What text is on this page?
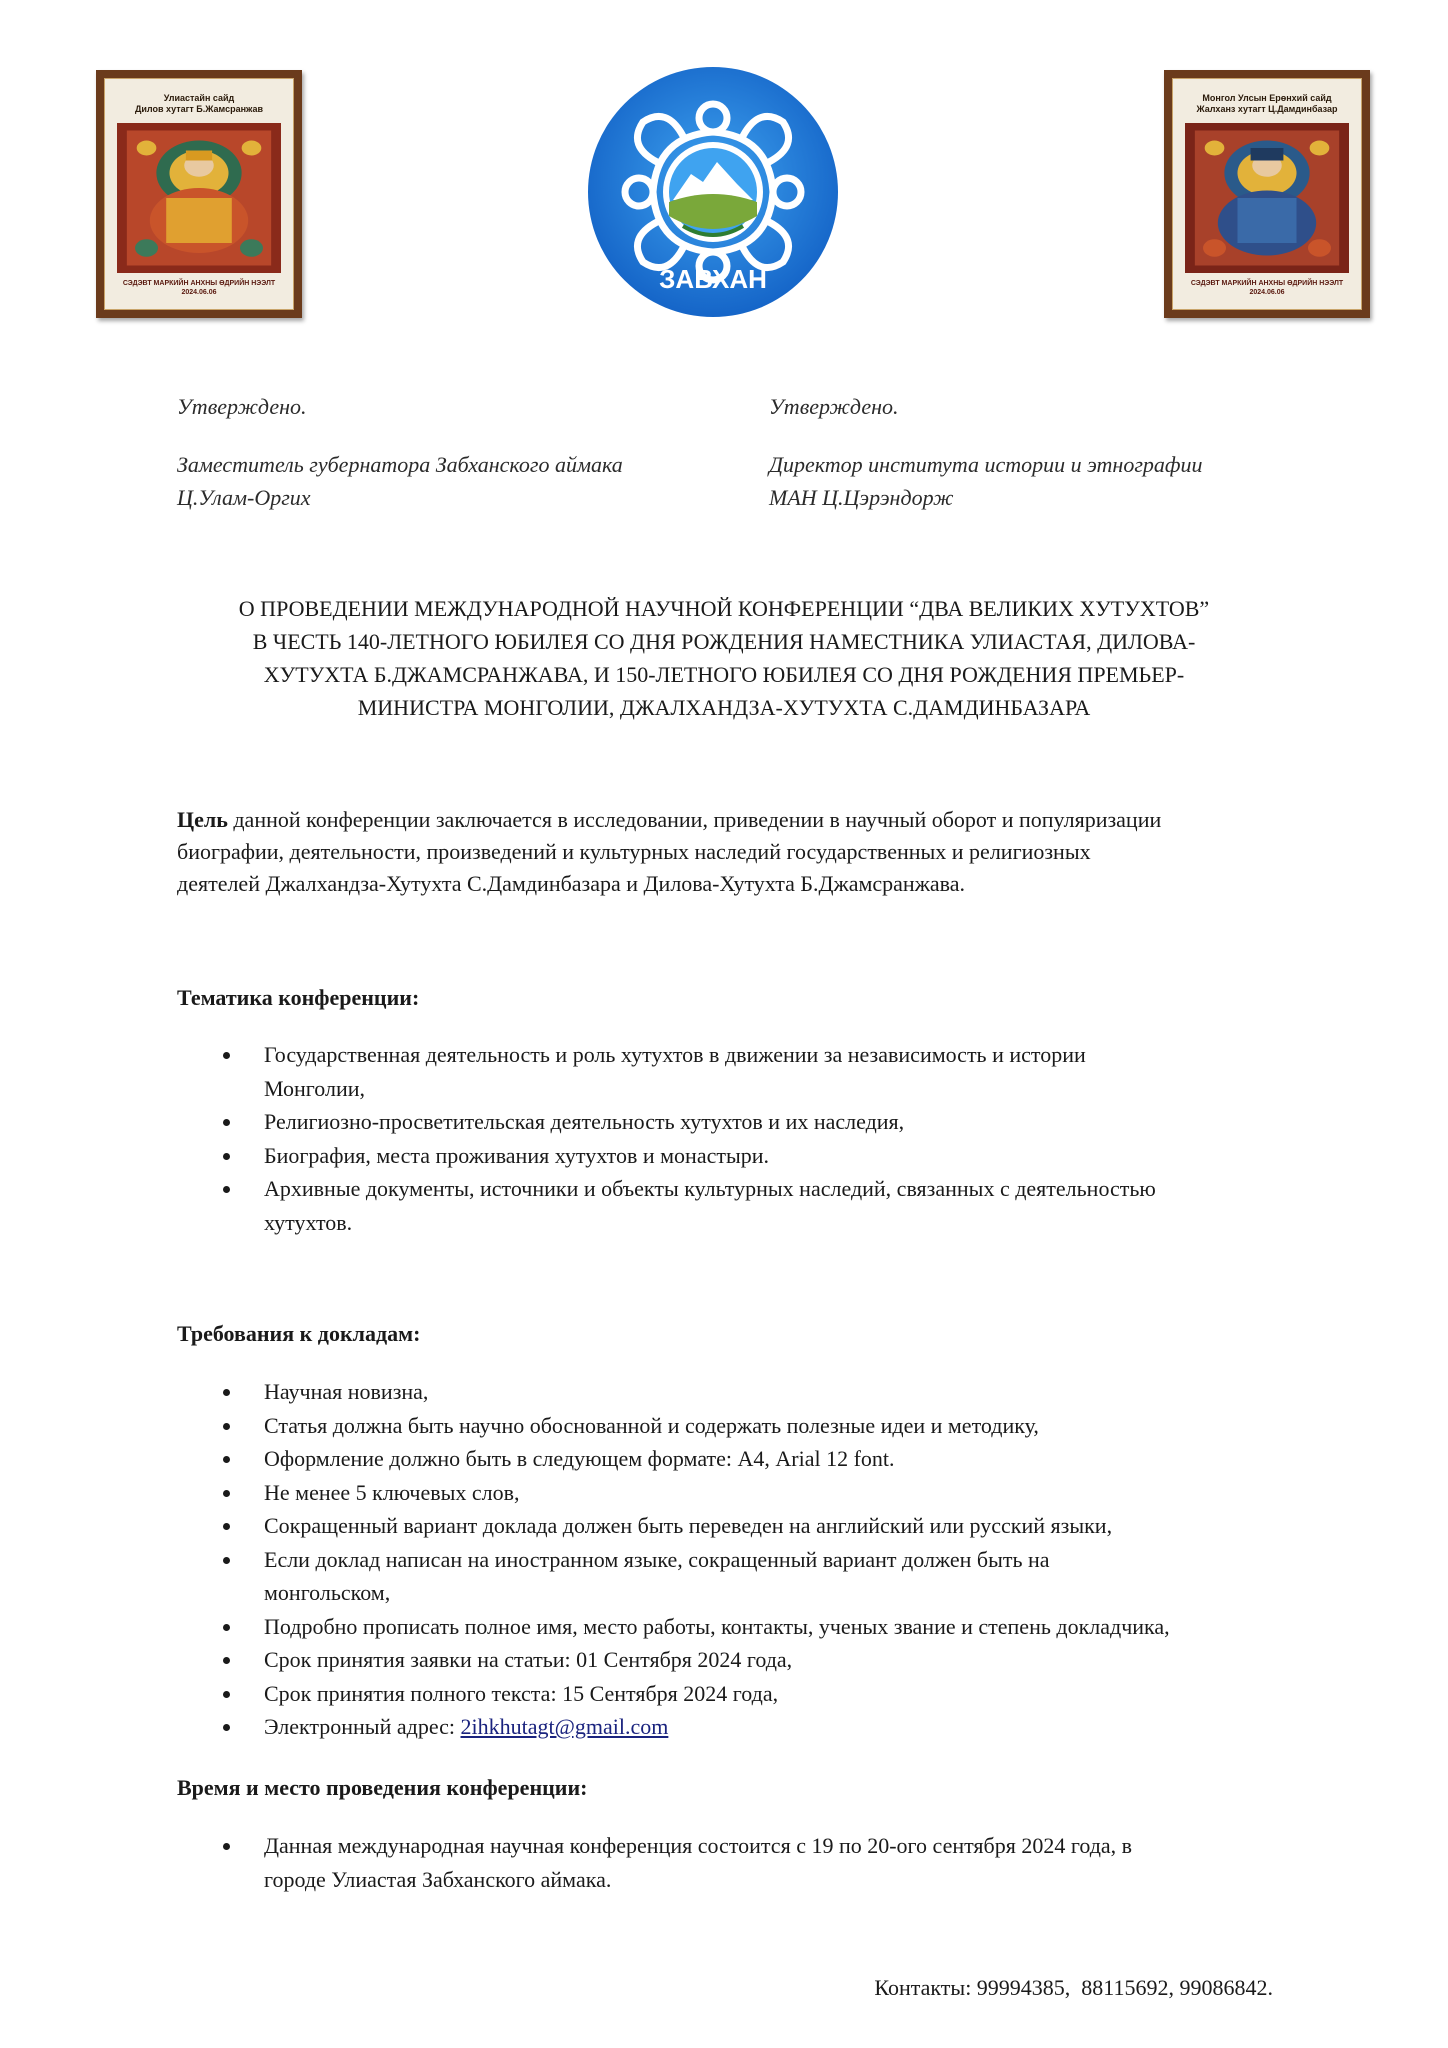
Улиастайн сайд
Дилов хутагт Б.Жамсранжав
СЭДЭВТ МАРКИЙН АНХНЫ ӨДРИЙН НЭЭЛТ
2024.06.06	ЗАВХАН
Монгол Улсын Ерөнхий сайд
Жалханз хутагт Ц.Дамдинбазар
СЭДЭВТ МАРКИЙН АНХНЫ ӨДРИЙН НЭЭЛТ
2024.06.06
Утверждено.
Заместитель губернатора Забханского аймака
Ц.Улам-Оргих
Утверждено.
Директор института истории и этнографии
МАН Ц.Цэрэндорж
О ПРОВЕДЕНИИ МЕЖДУНАРОДНОЙ НАУЧНОЙ КОНФЕРЕНЦИИ “ДВА ВЕЛИКИХ ХУТУХТОВ”
В ЧЕСТЬ 140-ЛЕТНОГО ЮБИЛЕЯ СО ДНЯ РОЖДЕНИЯ НАМЕСТНИКА УЛИАСТАЯ, ДИЛОВА-
ХУТУХТА Б.ДЖАМСРАНЖАВА, И 150-ЛЕТНОГО ЮБИЛЕЯ СО ДНЯ РОЖДЕНИЯ ПРЕМЬЕР-
МИНИСТРА МОНГОЛИИ, ДЖАЛХАНДЗА-ХУТУХТА С.ДАМДИНБАЗАРА
Цель данной конференции заключается в исследовании, приведении в научный оборот и популяризации
биографии, деятельности, произведений и культурных наследий государственных и религиозных
деятелей Джалхандза-Хутухта С.Дамдинбазара и Дилова-Хутухта Б.Джамсранжава.
Тематика конференции:
Государственная деятельность и роль хутухтов в движении за независимость и истории
Монголии,
Религиозно-просветительская деятельность хутухтов и их наследия,
Биография, места проживания хутухтов и монастыри.
Архивные документы, источники и объекты культурных наследий, связанных с деятельностью
хутухтов.
Требования к докладам:
Научная новизна,
Статья должна быть научно обоснованной и содержать полезные идеи и методику,
Оформление должно быть в следующем формате: А4, Arial 12 font.
Не менее 5 ключевых слов,
Сокращенный вариант доклада должен быть переведен на английский или русский языки,
Если доклад написан на иностранном языке, сокращенный вариант должен быть на
монгольском,
Подробно прописать полное имя, место работы, контакты, ученых звание и степень докладчика,
Срок принятия заявки на статьи: 01 Сентября 2024 года,
Срок принятия полного текста: 15 Сентября 2024 года,
Электронный адрес: 2ihkhutagt@gmail.com
Время и место проведения конференции:
Данная международная научная конференция состоится с 19 по 20-ого сентября 2024 года, в
городе Улиастая Забханского аймака.
Контакты: 99994385,  88115692, 99086842.
